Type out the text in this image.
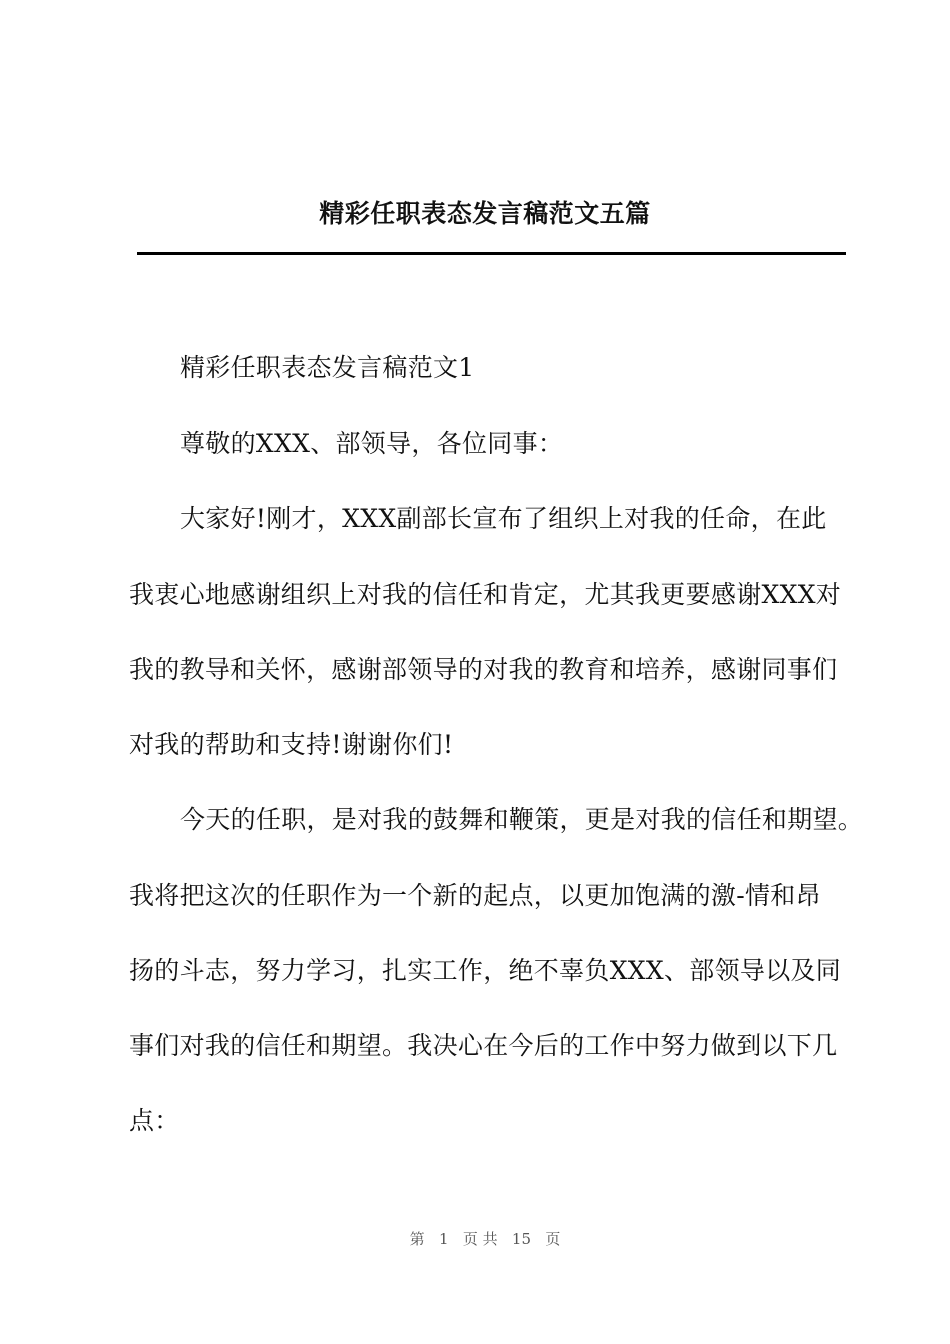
精彩任职表态发言稿范文五篇
精彩任职表态发言稿范文1
尊敬的XXX、部领导，各位同事：
大家好!刚才，XXX副部长宣布了组织上对我的任命，在此
我衷心地感谢组织上对我的信任和肯定，尤其我更要感谢XXX对
我的教导和关怀，感谢部领导的对我的教育和培养，感谢同事们
对我的帮助和支持!谢谢你们!
今天的任职，是对我的鼓舞和鞭策，更是对我的信任和期望。
我将把这次的任职作为一个新的起点，以更加饱满的激-情和昂
扬的斗志，努力学习，扎实工作，绝不辜负XXX、部领导以及同
事们对我的信任和期望。我决心在今后的工作中努力做到以下几
点：
第 1 页 共 15 页
